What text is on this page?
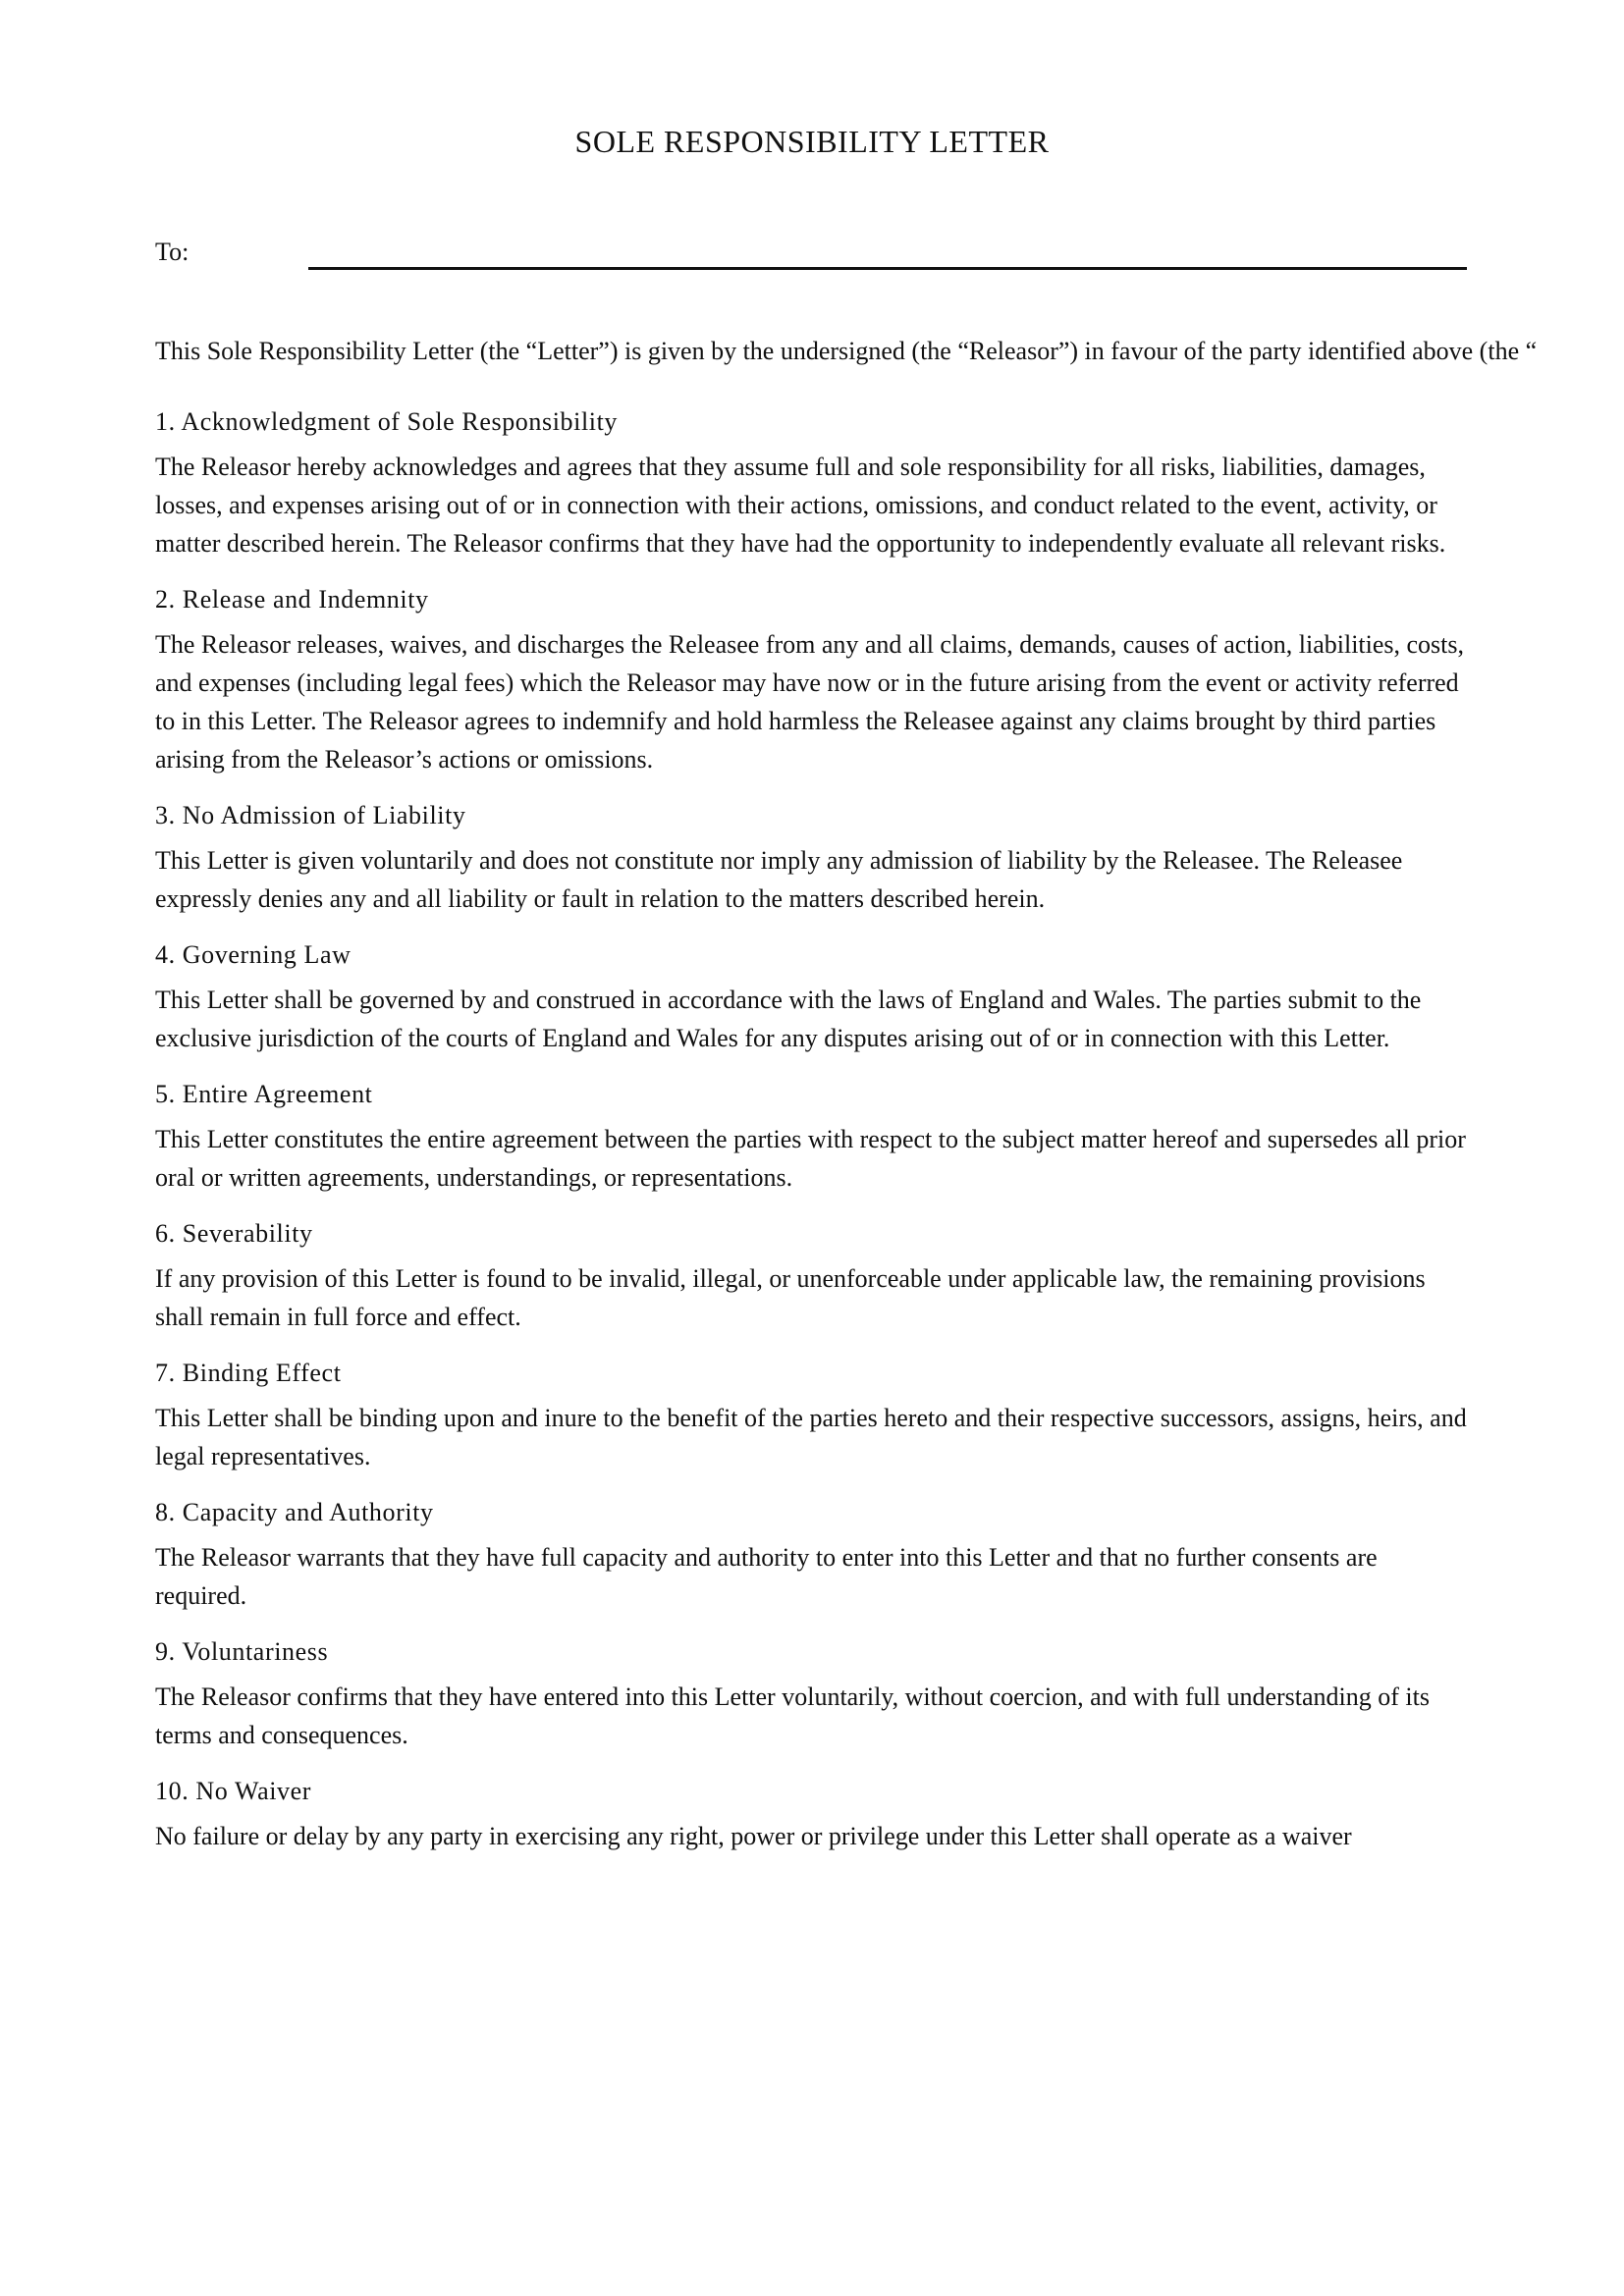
SOLE RESPONSIBILITY LETTER
To:

This Sole Responsibility Letter (the “Letter”) is given by the undersigned (the “Releasor”) in favour of the party identified above (the “

1. Acknowledgment of Sole Responsibility

The Releasor hereby acknowledges and agrees that they assume full and sole responsibility for all risks, liabilities, damages, losses, and expenses arising out of or in connection with their actions, omissions, and conduct related to the event, activity, or matter described herein. The Releasor confirms that they have had the opportunity to independently evaluate all relevant risks.

2. Release and Indemnity

The Releasor releases, waives, and discharges the Releasee from any and all claims, demands, causes of action, liabilities, costs, and expenses (including legal fees) which the Releasor may have now or in the future arising from the event or activity referred to in this Letter. The Releasor agrees to indemnify and hold harmless the Releasee against any claims brought by third parties arising from the Releasor’s actions or omissions.

3. No Admission of Liability

This Letter is given voluntarily and does not constitute nor imply any admission of liability by the Releasee. The Releasee expressly denies any and all liability or fault in relation to the matters described herein.

4. Governing Law

This Letter shall be governed by and construed in accordance with the laws of England and Wales. The parties submit to the exclusive jurisdiction of the courts of England and Wales for any disputes arising out of or in connection with this Letter.

5. Entire Agreement

This Letter constitutes the entire agreement between the parties with respect to the subject matter hereof and supersedes all prior oral or written agreements, understandings, or representations.

6. Severability

If any provision of this Letter is found to be invalid, illegal, or unenforceable under applicable law, the remaining provisions shall remain in full force and effect.

7. Binding Effect

This Letter shall be binding upon and inure to the benefit of the parties hereto and their respective successors, assigns, heirs, and legal representatives.

8. Capacity and Authority

The Releasor warrants that they have full capacity and authority to enter into this Letter and that no further consents are required.

9. Voluntariness

The Releasor confirms that they have entered into this Letter voluntarily, without coercion, and with full understanding of its terms and consequences.

10. No Waiver

No failure or delay by any party in exercising any right, power or privilege under this Letter shall operate as a waiver
